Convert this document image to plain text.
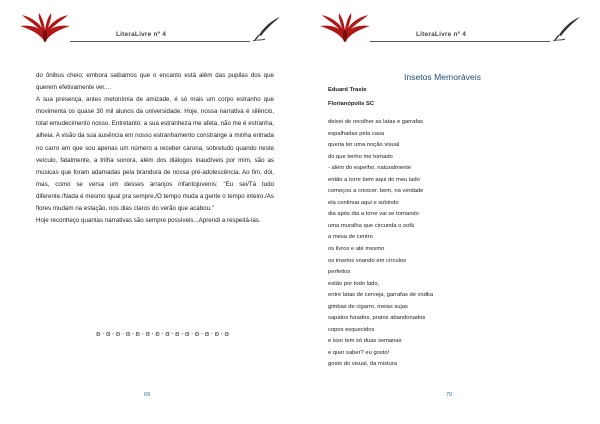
LiteraLivre nº 4

do ônibus cheio; embora saibamos que o encanto está além das pupilas dos que querem efetivamente ver....

A sua presença, antes metonímia de amizade, é só mais um corpo estranho que movimenta os quase 30 mil alunos da universidade. Hoje, nossa narrativa é silêncio, total emudecimento nosso. Entretanto: a sua estranheza me afeta, não me é estranha, alheia. A visão da sua ausência em nosso estranhamento constrange a minha entrada no carro em que sou apenas um número a receber carona, sobretudo quando neste veículo, fatalmente, a trilha sonora, além dos diálogos inaudíveis por mim, são as músicas que foram adamadas pela brandura de nossa pré-adolescência. Ao fim, dói, mas, como se versa um desses arranjos infantojuvenis: "Eu sei/Tá tudo diferente./Nada é mesmo igual pra sempre./O tempo muda a gente o tempo inteiro./As flores mudam na estação, nos dias claros do verão que acabou."

Hoje reconheço quantas narrativas são sempre possíveis...Aprendi a respeitá-las.

ʚ·ɞ·ʚ·ɞ·ʚ·ɞ·ʚ·ɞ·ʚ·ɞ·ʚ·ɞ·ʚ·ɞ
69
LiteraLivre nº 4
Insetos Memoráveis
Eduard Traste
Florianópolis SC
deixei de recolher as latas e garrafas
espalhadas pela casa
queria ter uma noção visual
do que tenho me tornado
- além do espelho, naturalmente
então a torre bem aqui do meu lado
começou a crescer. bem, na verdade
ela continua aqui e subindo
dia após dia a torre vai se tornando
uma muralha que circunda o sofá
a mesa de centro
os livros e até mesmo
os insetos voando em círculos
perfeitos
estão por todo lado,
entre latas de cerveja, garrafas de vodka
gimbas de cigarro, meias sujas
sapatos furados, pratos abandonados
copos esquecidos
e isso tem só duas semanas
e quer saber? eu gosto!
gosto do visual, da mistura
70
